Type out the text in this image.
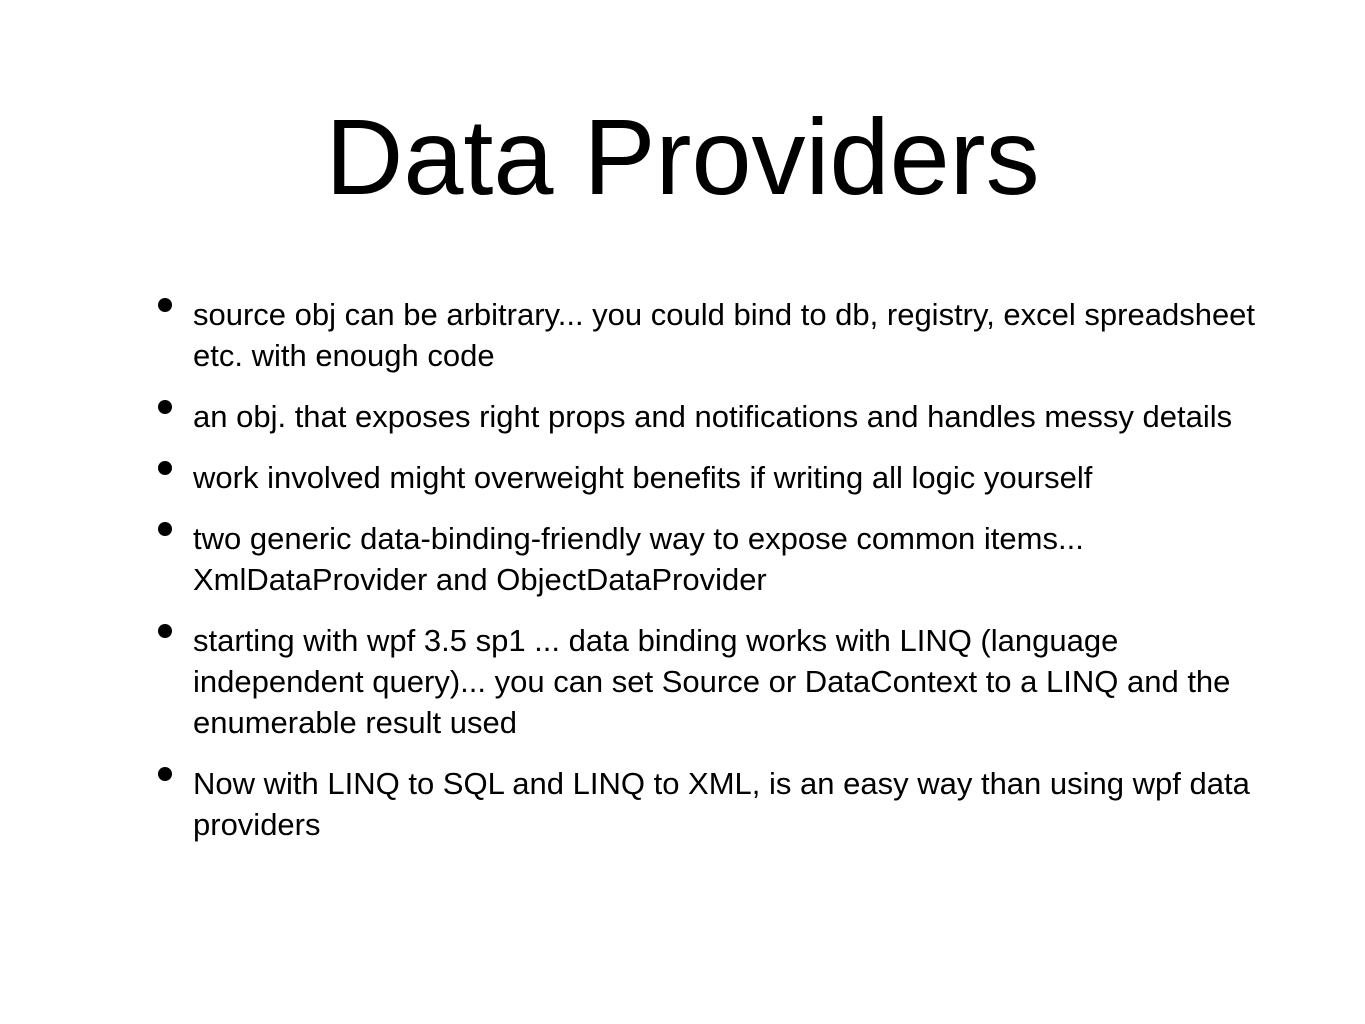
Data Providers
source obj can be arbitrary... you could bind to db, registry, excel spreadsheet etc. with enough code
an obj. that exposes right props and notifications and handles messy details
work involved might overweight benefits if writing all logic yourself
two generic data-binding-friendly way to expose common items... XmlDataProvider and ObjectDataProvider
starting with wpf 3.5 sp1 ... data binding works with LINQ (language independent query)... you can set Source or DataContext to a LINQ and the enumerable result used
Now with LINQ to SQL and LINQ to XML, is an easy way than using wpf data providers
